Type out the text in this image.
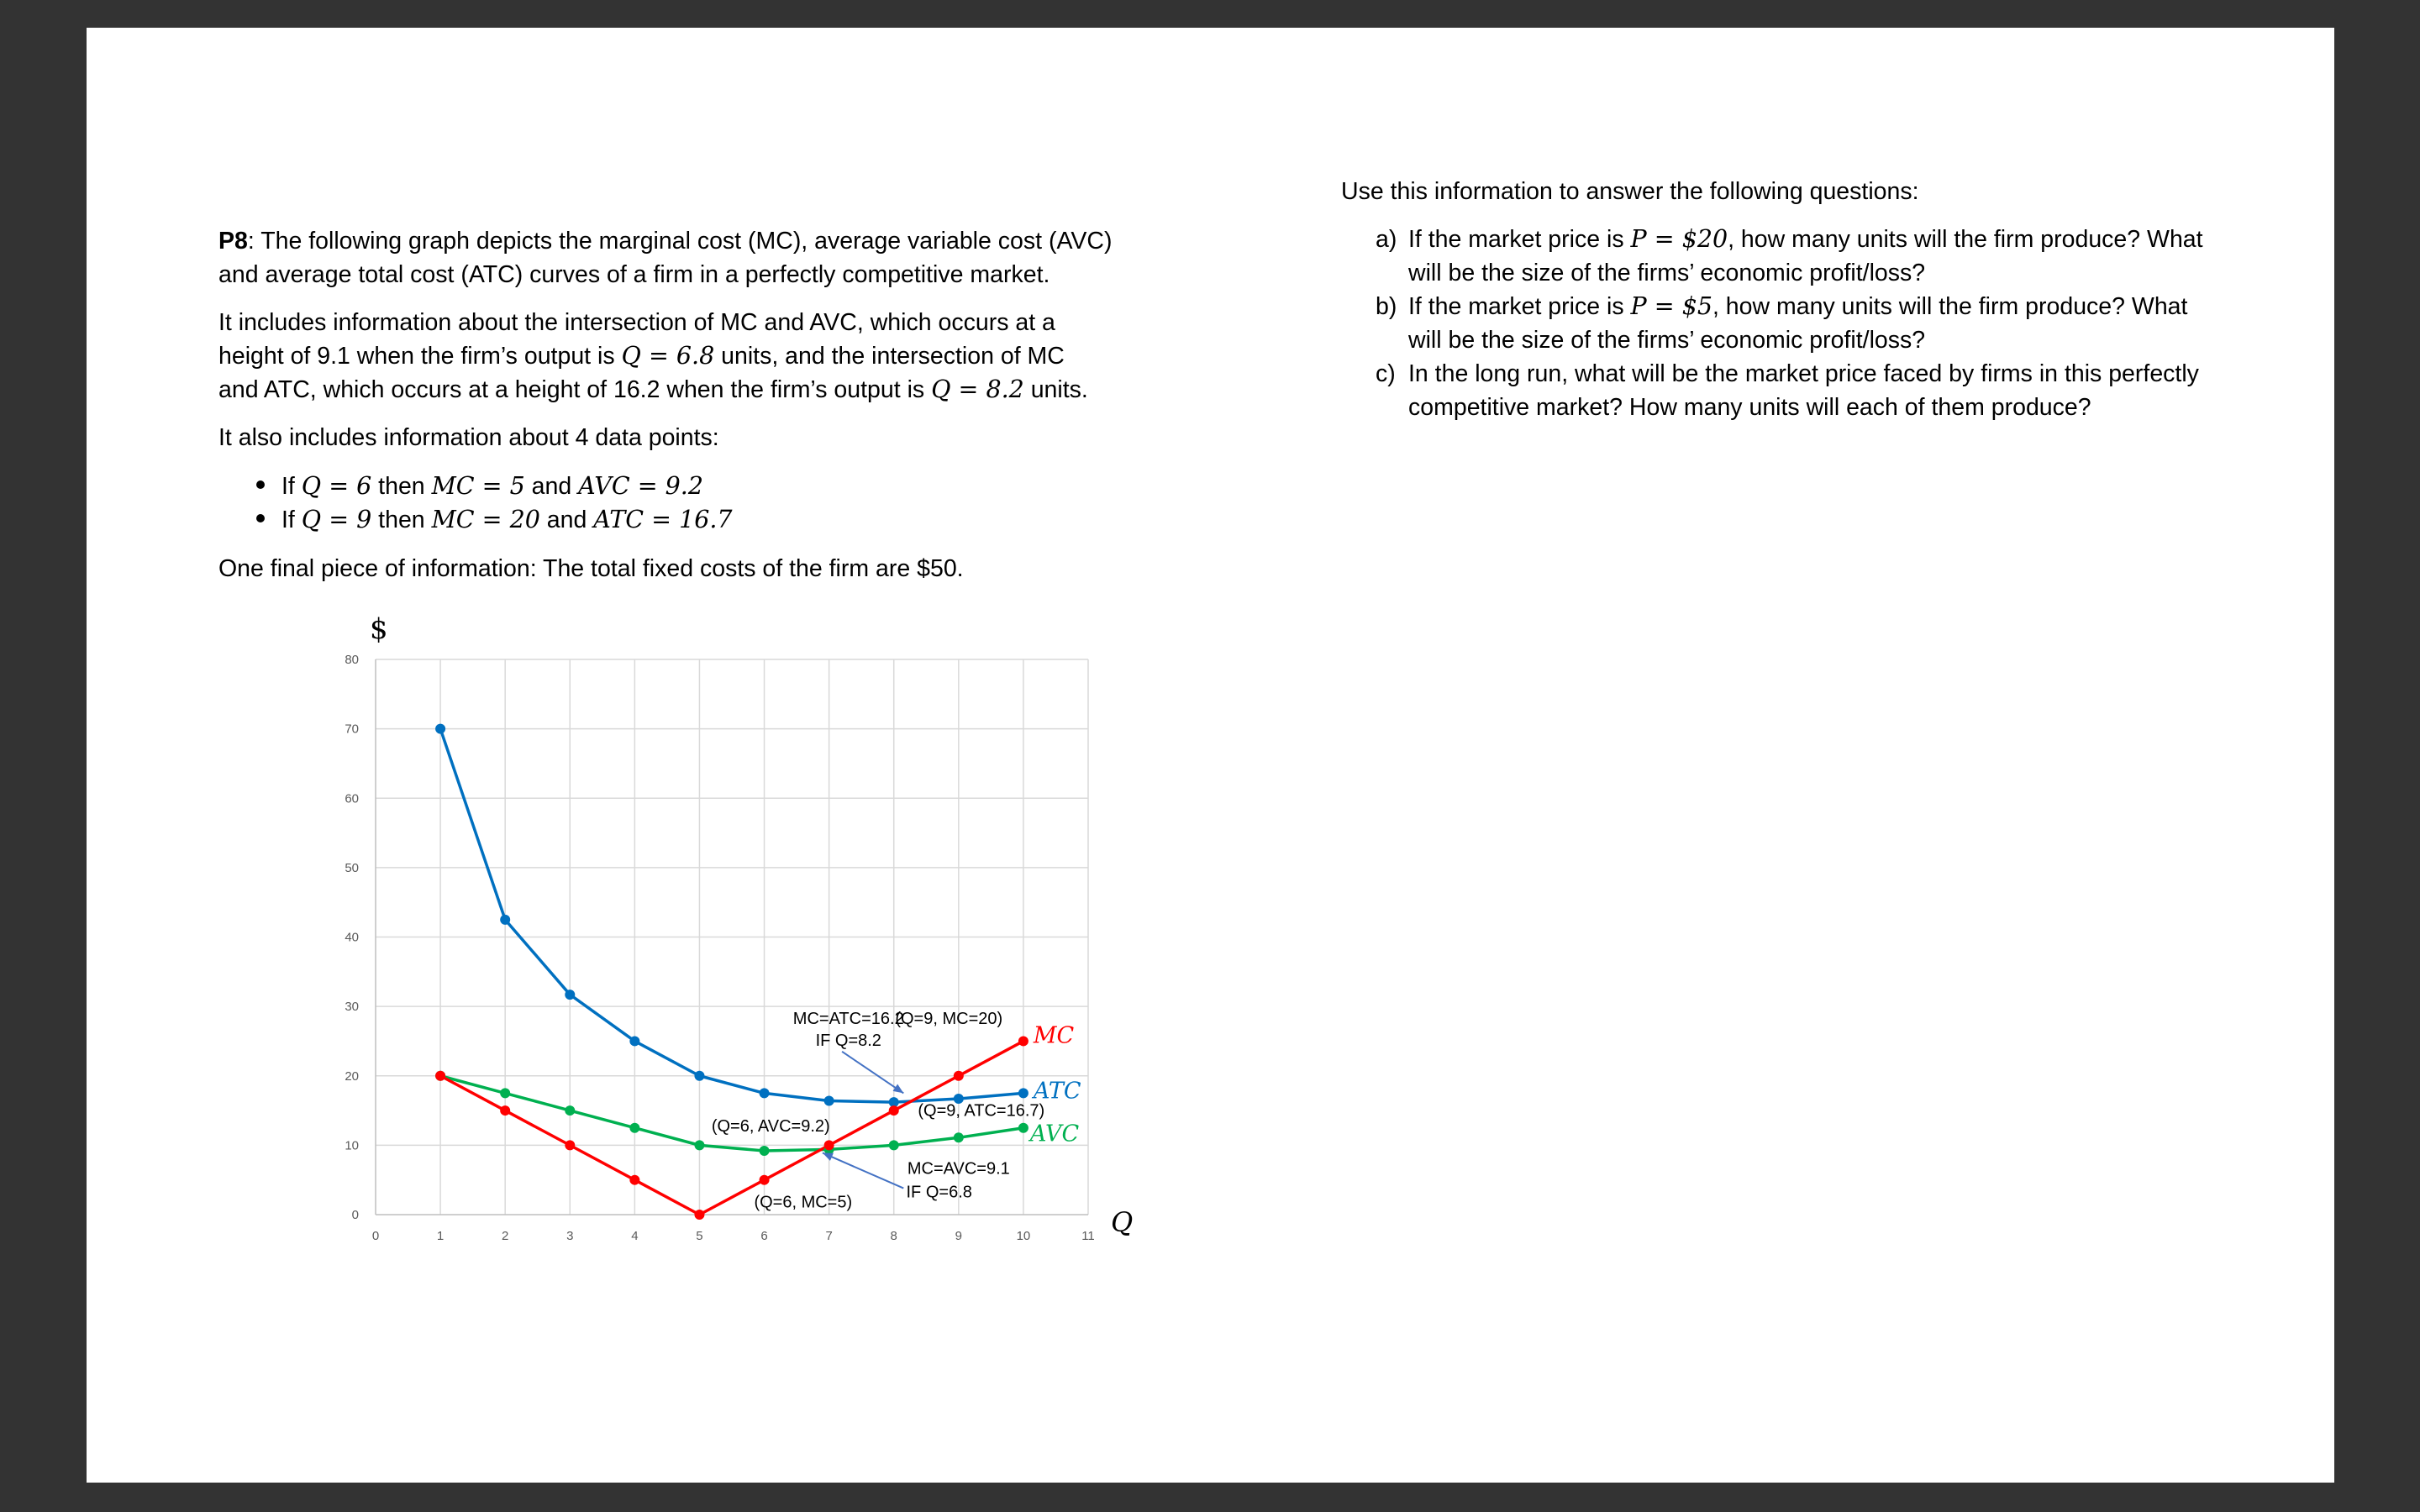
P8: The following graph depicts the marginal cost (MC), average variable cost (AVC)

and average total cost (ATC) curves of a firm in a perfectly competitive market.

It includes information about the intersection of MC and AVC, which occurs at a

height of 9.1 when the firm’s output is Q = 6.8 units, and the intersection of MC

and ATC, which occurs at a height of 16.2 when the firm’s output is Q = 8.2 units.

It also includes information about 4 data points:

If Q = 6 then MC = 5 and AVC = 9.2

If Q = 9 then MC = 20 and ATC = 16.7

One final piece of information: The total fixed costs of the firm are $50.

0	1	2	3	4	5	6	7	8	9	10	11
0
10
20
30
40
50
60
70
80
ATC
AVC
MC
MC=ATC=16.2
IF Q=8.2
(Q=9, MC=20)
(Q=6, AVC=9.2)
(Q=9, ATC=16.7)
MC=AVC=9.1
IF Q=6.8
(Q=6, MC=5)
$
Q

Use this information to answer the following questions:

a) If the market price is P = $20, how many units will the firm produce? What

will be the size of the firms’ economic profit/loss?

b) If the market price is P = $5, how many units will the firm produce? What

will be the size of the firms’ economic profit/loss?

c) In the long run, what will be the market price faced by firms in this perfectly

competitive market? How many units will each of them produce?
